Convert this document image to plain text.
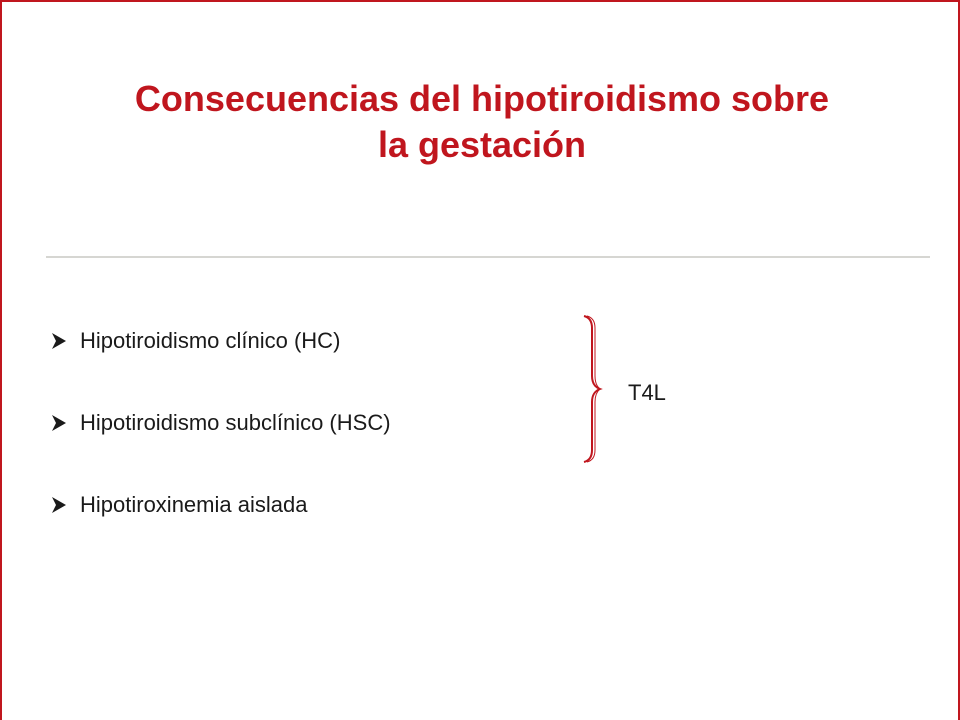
Consecuencias del hipotiroidismo sobre
la gestación
Hipotiroidismo clínico (HC)
Hipotiroidismo subclínico (HSC)
Hipotiroxinemia aislada
T4L
